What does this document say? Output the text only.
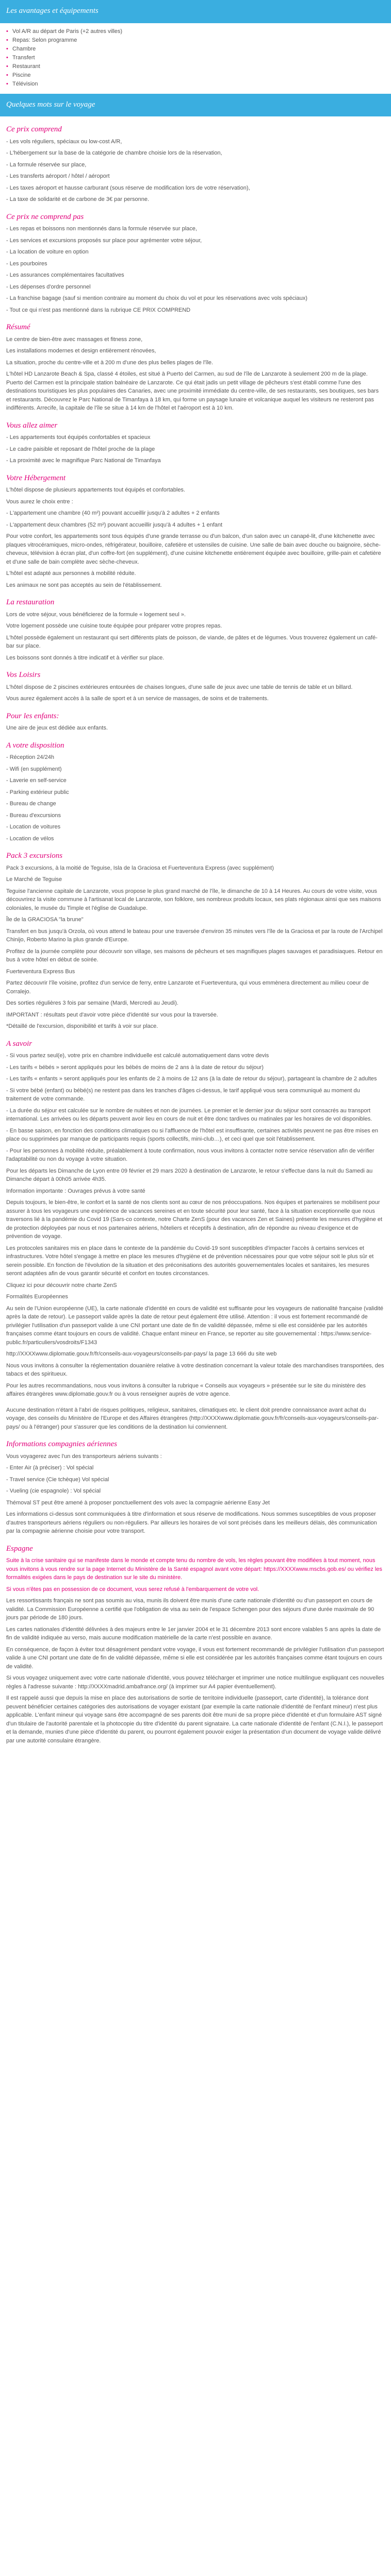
Les avantages et équipements
• Vol A/R au départ de Paris (+2 autres villes)
• Repas: Selon programme
• Chambre
• Transfert
• Restaurant
• Piscine
• Télévision
Quelques mots sur le voyage
Ce prix comprend

- Les vols réguliers, spéciaux ou low-cost A/R,

- L'hébergement sur la base de la catégorie de chambre choisie lors de la réservation,

- La formule réservée sur place,

- Les transferts aéroport / hôtel / aéroport

- Les taxes aéroport et hausse carburant (sous réserve de modification lors de votre réservation),

- La taxe de solidarité et de carbone de 3€ par personne.

Ce prix ne comprend pas

- Les repas et boissons non mentionnés dans la formule réservée sur place,

- Les services et excursions proposés sur place pour agrémenter votre séjour,

- La location de voiture en option

- Les pourboires

- Les assurances complémentaires facultatives

- Les dépenses d'ordre personnel

- La franchise bagage (sauf si mention contraire au moment du choix du vol et pour les réservations avec vols spéciaux)

- Tout ce qui n'est pas mentionné dans la rubrique CE PRIX COMPREND

Résumé

Le centre de bien-être avec massages et fitness zone,

Les installations modernes et design entièrement rénovées,

La situation, proche du centre-ville et à 200 m d'une des plus belles plages de l'île.

L'hôtel HD Lanzarote Beach & Spa, classé 4 étoiles, est situé à Puerto del Carmen, au sud de l'île de Lanzarote à seulement 200 m de la plage. Puerto del Carmen est la principale station balnéaire de Lanzarote. Ce qui était jadis un petit village de pêcheurs s'est établi comme l'une des destinations touristiques les plus populaires des Canaries, avec une proximité immédiate du centre-ville, de ses restaurants, ses boutiques, ses bars et restaurants. Découvrez le Parc National de Timanfaya à 18 km, qui forme un paysage lunaire et volcanique auquel les visiteurs ne resteront pas indifférents. Arrecife, la capitale de l'île se situe à 14 km de l'hôtel et l'aéroport est à 10 km.

Vous allez aimer

- Les appartements tout équipés confortables et spacieux

- Le cadre paisible et reposant de l'hôtel proche de la plage

- La proximité avec le magnifique Parc National de Timanfaya

Votre Hébergement

L'hôtel dispose de plusieurs appartements tout équipés et confortables.

Vous aurez le choix entre :

- L'appartement une chambre (40 m²) pouvant accueillir jusqu'à 2 adultes + 2 enfants

- L'appartement deux chambres (52 m²) pouvant accueillir jusqu'à 4 adultes + 1 enfant

Pour votre confort, les appartements sont tous équipés d'une grande terrasse ou d'un balcon, d'un salon avec un canapé-lit, d'une kitchenette avec plaques vitrocéramiques, micro-ondes, réfrigérateur, bouilloire, cafetière et ustensiles de cuisine. Une salle de bain avec douche ou baignoire, sèche-cheveux, télévision à écran plat, d'un coffre-fort (en supplément), d'une cuisine kitchenette entièrement équipée avec bouilloire, grille-pain et cafetière et d'une salle de bain complète avec sèche-cheveux.

L'hôtel est adapté aux personnes à mobilité réduite.

Les animaux ne sont pas acceptés au sein de l'établissement.

La restauration

Lors de votre séjour, vous bénéficierez de la formule « logement seul ».

Votre logement possède une cuisine toute équipée pour préparer votre propres repas.

L'hôtel possède également un restaurant qui sert différents plats de poisson, de viande, de pâtes et de légumes. Vous trouverez également un café-bar sur place.

Les boissons sont donnés à titre indicatif et à vérifier sur place.

Vos Loisirs

L'hôtel dispose de 2 piscines extérieures entourées de chaises longues, d'une salle de jeux avec une table de tennis de table et un billard.

Vous aurez également accès à la salle de sport et à un service de massages, de soins et de traitements.

Pour les enfants:

Une aire de jeux est dédiée aux enfants.

A votre disposition

- Réception 24/24h

- Wifi (en supplément)

- Laverie en self-service

- Parking extérieur public

- Bureau de change

- Bureau d'excursions

- Location de voitures

- Location de vélos

Pack 3 excursions

Pack 3 excursions, à la moitié de Teguise, Isla de la Graciosa et Fuerteventura Express (avec supplément)

Le Marché de Teguise

Teguise l'ancienne capitale de Lanzarote, vous propose le plus grand marché de l'île, le dimanche de 10 à 14 Heures. Au cours de votre visite, vous découvrirez la visite commune à l'artisanat local de Lanzarote, son folklore, ses nombreux produits locaux, ses plats régionaux ainsi que ses maisons coloniales, le musée du Timple et l'église de Guadalupe.

Île de la GRACIOSA "la brune"

Transfert en bus jusqu'à Orzola, où vous attend le bateau pour une traversée d'environ 35 minutes vers l'île de la Graciosa et par la route de l'Archipel Chinijo, Roberto Marino la plus grande d'Europe.

Profitez de la journée complète pour découvrir son village, ses maisons de pêcheurs et ses magnifiques plages sauvages et paradisiaques. Retour en bus à votre hôtel en début de soirée.

Fuerteventura Express Bus

Partez découvrir l'île voisine, profitez d'un service de ferry, entre Lanzarote et Fuerteventura, qui vous emmènera directement au milieu coeur de Corralejo.

Des sorties régulières 3 fois par semaine (Mardi, Mercredi au Jeudi).

IMPORTANT : résultats peut d'avoir votre pièce d'identité sur vous pour la traversée.

*Détaillé de l'excursion, disponibilité et tarifs à voir sur place.

A savoir

- Si vous partez seul(e), votre prix en chambre individuelle est calculé automatiquement dans votre devis

- Les tarifs « bébés » seront appliqués pour les bébés de moins de 2 ans à la date de retour du séjour)

- Les tarifs « enfants » seront appliqués pour les enfants de 2 à moins de 12 ans (à la date de retour du séjour), partageant la chambre de 2 adultes

- Si votre bébé (enfant) ou bébé(s) ne restent pas dans les tranches d'âges ci-dessus, le tarif appliqué vous sera communiqué au moment du traitement de votre commande.

- La durée du séjour est calculée sur le nombre de nuitées et non de journées. Le premier et le dernier jour du séjour sont consacrés au transport international. Les arrivées ou les départs peuvent avoir lieu en cours de nuit et être donc tardives ou matinales par les horaires de vol disponibles.

- En basse saison, en fonction des conditions climatiques ou si l'affluence de l'hôtel est insuffisante, certaines activités peuvent ne pas être mises en place ou supprimées par manque de participants requis (sports collectifs, mini-club…), et ceci quel que soit l'établissement.

- Pour les personnes à mobilité réduite, préalablement à toute confirmation, nous vous invitons à contacter notre service réservation afin de vérifier l'adaptabilité ou non du voyage à votre situation.

Pour les départs les Dimanche de Lyon entre 09 février et 29 mars 2020 à destination de Lanzarote, le retour s'effectue dans la nuit du Samedi au Dimanche départ à 00h05 arrivée 4h35.

Information importante : Ouvrages prévus à votre santé

Depuis toujours, le bien-être, le confort et la santé de nos clients sont au cœur de nos préoccupations. Nos équipes et partenaires se mobilisent pour assurer à tous les voyageurs une expérience de vacances sereines et en toute sécurité pour leur santé, face à la situation exceptionnelle que nous traversons lié à la pandémie du Covid 19 (Sars-co contexte, notre Charte ZenS (pour des vacances Zen et Saines) présente les mesures d'hygiène et de protection déployées par nous et nos partenaires aériens, hôteliers et réceptifs à destination, afin de répondre au niveau d'exigence et de prévention de voyage.

Les protocoles sanitaires mis en place dans le contexte de la pandémie du Covid-19 sont susceptibles d'impacter l'accès à certains services et infrastructures. Votre hôtel s'engage à mettre en place les mesures d'hygiène et de prévention nécessaires pour que votre séjour soit le plus sûr et serein possible. En fonction de l'évolution de la situation et des préconisations des autorités gouvernementales locales et sanitaires, les mesures seront adaptées afin de vous garantir sécurité et confort en toutes circonstances.

Cliquez ici pour découvrir notre charte ZenS

Formalités Européennes

Au sein de l'Union européenne (UE), la carte nationale d'identité en cours de validité est suffisante pour les voyageurs de nationalité française (validité après la date de retour). Le passeport valide après la date de retour peut également être utilisé. Attention : il vous est fortement recommandé de privilégier l'utilisation d'un passeport valide à une CNI portant une date de fin de validité dépassée, même si elle est considérée par les autorités françaises comme étant toujours en cours de validité. Chaque enfant mineur en France, se reporter au site gouvernemental : https://www.service-public.fr/particuliers/vosdroits/F1343

http://XXXXwww.diplomatie.gouv.fr/fr/conseils-aux-voyageurs/conseils-par-pays/ la page 13 666 du site web

Nous vous invitons à consulter la réglementation douanière relative à votre destination concernant la valeur totale des marchandises transportées, des tabacs et des spiritueux.

Pour les autres recommandations, nous vous invitons à consulter la rubrique « Conseils aux voyageurs » présentée sur le site du ministère des affaires étrangères www.diplomatie.gouv.fr ou à vous renseigner auprès de votre agence.

Aucune destination n'étant à l'abri de risques politiques, religieux, sanitaires, climatiques etc. le client doit prendre connaissance avant achat du voyage, des conseils du Ministère de l'Europe et des Affaires étrangères (http://XXXXwww.diplomatie.gouv.fr/fr/conseils-aux-voyageurs/conseils-par-pays/ ou à l'étranger) pour s'assurer que les conditions de la destination lui conviennent.

Informations compagnies aériennes

Vous voyagerez avec l'un des transporteurs aériens suivants :

- Enter Air (à préciser) : Vol spécial

- Travel service (Cie tchèque) Vol spécial

- Vueling (cie espagnole) : Vol spécial

Thémoval ST peut être amené à proposer ponctuellement des vols avec la compagnie aérienne Easy Jet

Les informations ci-dessus sont communiquées à titre d'information et sous réserve de modifications. Nous sommes susceptibles de vous proposer d'autres transporteurs aériens réguliers ou non-réguliers. Par ailleurs les horaires de vol sont précisés dans les meilleurs délais, dès communication par la compagnie aérienne choisie pour votre transport.

Espagne

Suite à la crise sanitaire qui se manifeste dans le monde et compte tenu du nombre de vols, les règles pouvant être modifiées à tout moment, nous vous invitons à vous rendre sur la page Internet du Ministère de la Santé espagnol avant votre départ: https://XXXXwww.mscbs.gob.es/ ou vérifiez les formalités exigées dans le pays de destination sur le site du ministère.

Si vous n'êtes pas en possession de ce document, vous serez refusé à l'embarquement de votre vol.

Les ressortissants français ne sont pas soumis au visa, munis ils doivent être munis d'une carte nationale d'identité ou d'un passeport en cours de validité. La Commission Européenne a certifié que l'obligation de visa au sein de l'espace Schengen pour des séjours d'une durée maximale de 90 jours par période de 180 jours.

Les cartes nationales d'identité délivrées à des majeurs entre le 1er janvier 2004 et le 31 décembre 2013 sont encore valables 5 ans après la date de fin de validité indiquée au verso, mais aucune modification matérielle de la carte n'est possible en avance.

En conséquence, de façon à éviter tout désagrément pendant votre voyage, il vous est fortement recommandé de privilégier l'utilisation d'un passeport valide à une CNI portant une date de fin de validité dépassée, même si elle est considérée par les autorités françaises comme étant toujours en cours de validité.

Si vous voyagez uniquement avec votre carte nationale d'identité, vous pouvez télécharger et imprimer une notice multilingue expliquant ces nouvelles règles à l'adresse suivante : http://XXXXmadrid.ambafrance.org/ (à imprimer sur A4 papier éventuellement).

Il est rappelé aussi que depuis la mise en place des autorisations de sortie de territoire individuelle (passeport, carte d'identité), la tolérance dont peuvent bénéficier certaines catégories des autorisations de voyager existant (par exemple la carte nationale d'identité de l'enfant mineur) n'est plus applicable. L'enfant mineur qui voyage sans être accompagné de ses parents doit être muni de sa propre pièce d'identité et d'un formulaire AST signé d'un titulaire de l'autorité parentale et la photocopie du titre d'identité du parent signataire. La carte nationale d'identité de l'enfant (C.N.I.), le passeport et la demande, munies d'une pièce d'identité du parent, ou pourront également pouvoir exiger la présentation d'un document de voyage valide délivré par une autorité consulaire étrangère.
